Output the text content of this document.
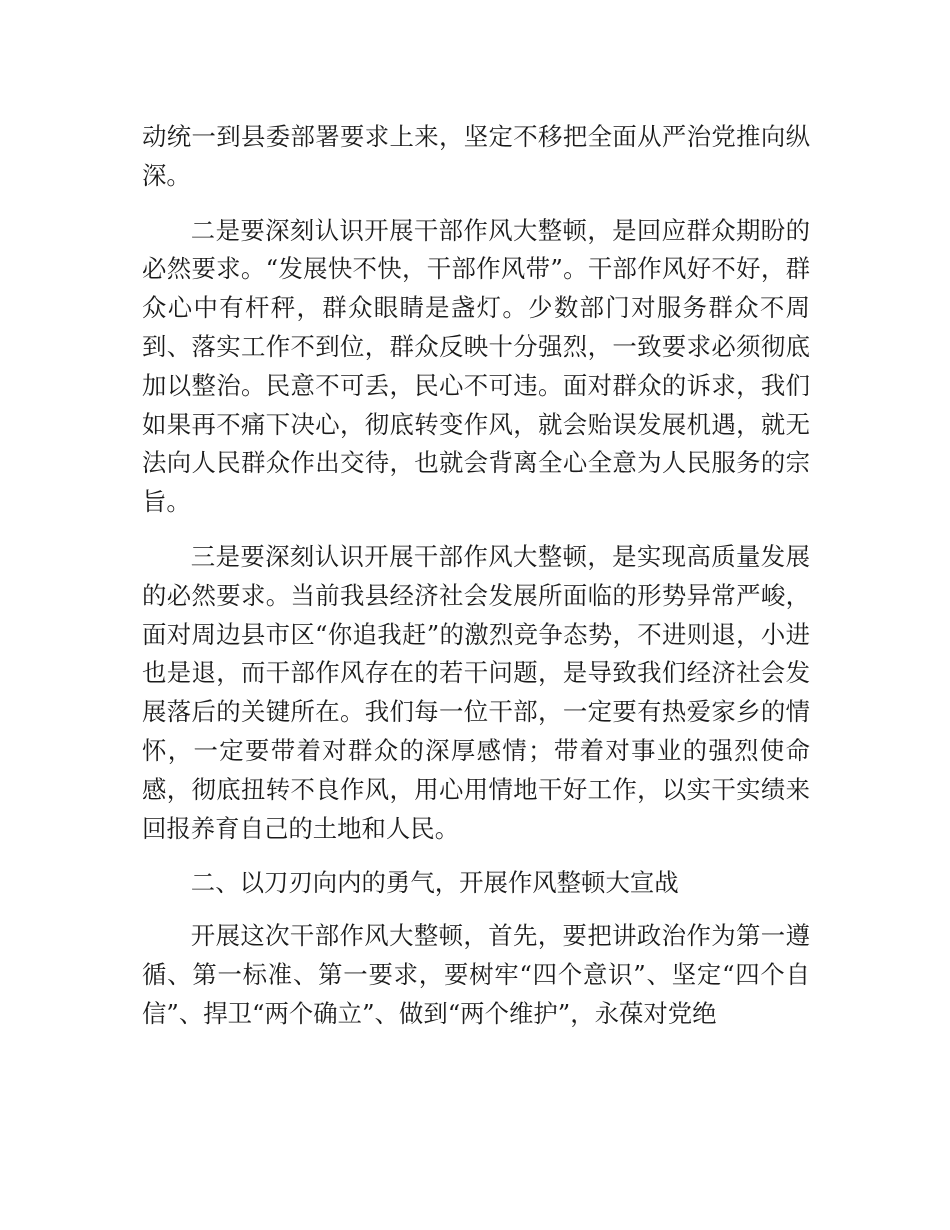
动统一到县委部署要求上来，坚定不移把全面从严治党推向纵深。

二是要深刻认识开展干部作风大整顿，是回应群众期盼的必然要求。“发展快不快，干部作风带”。干部作风好不好，群众心中有杆秤，群众眼睛是盏灯。少数部门对服务群众不周到、落实工作不到位，群众反映十分强烈，一致要求必须彻底加以整治。民意不可丢，民心不可违。面对群众的诉求，我们如果再不痛下决心，彻底转变作风，就会贻误发展机遇，就无法向人民群众作出交待，也就会背离全心全意为人民服务的宗旨。

三是要深刻认识开展干部作风大整顿，是实现高质量发展的必然要求。当前我县经济社会发展所面临的形势异常严峻，面对周边县市区“你追我赶”的激烈竞争态势，不进则退，小进也是退，而干部作风存在的若干问题，是导致我们经济社会发展落后的关键所在。我们每一位干部，一定要有热爱家乡的情怀，一定要带着对群众的深厚感情；带着对事业的强烈使命感，彻底扭转不良作风，用心用情地干好工作，以实干实绩来回报养育自己的土地和人民。

二、以刀刃向内的勇气，开展作风整顿大宣战

开展这次干部作风大整顿，首先，要把讲政治作为第一遵循、第一标准、第一要求，要树牢“四个意识”、坚定“四个自信”、捍卫“两个确立”、做到“两个维护”，永葆对党绝
